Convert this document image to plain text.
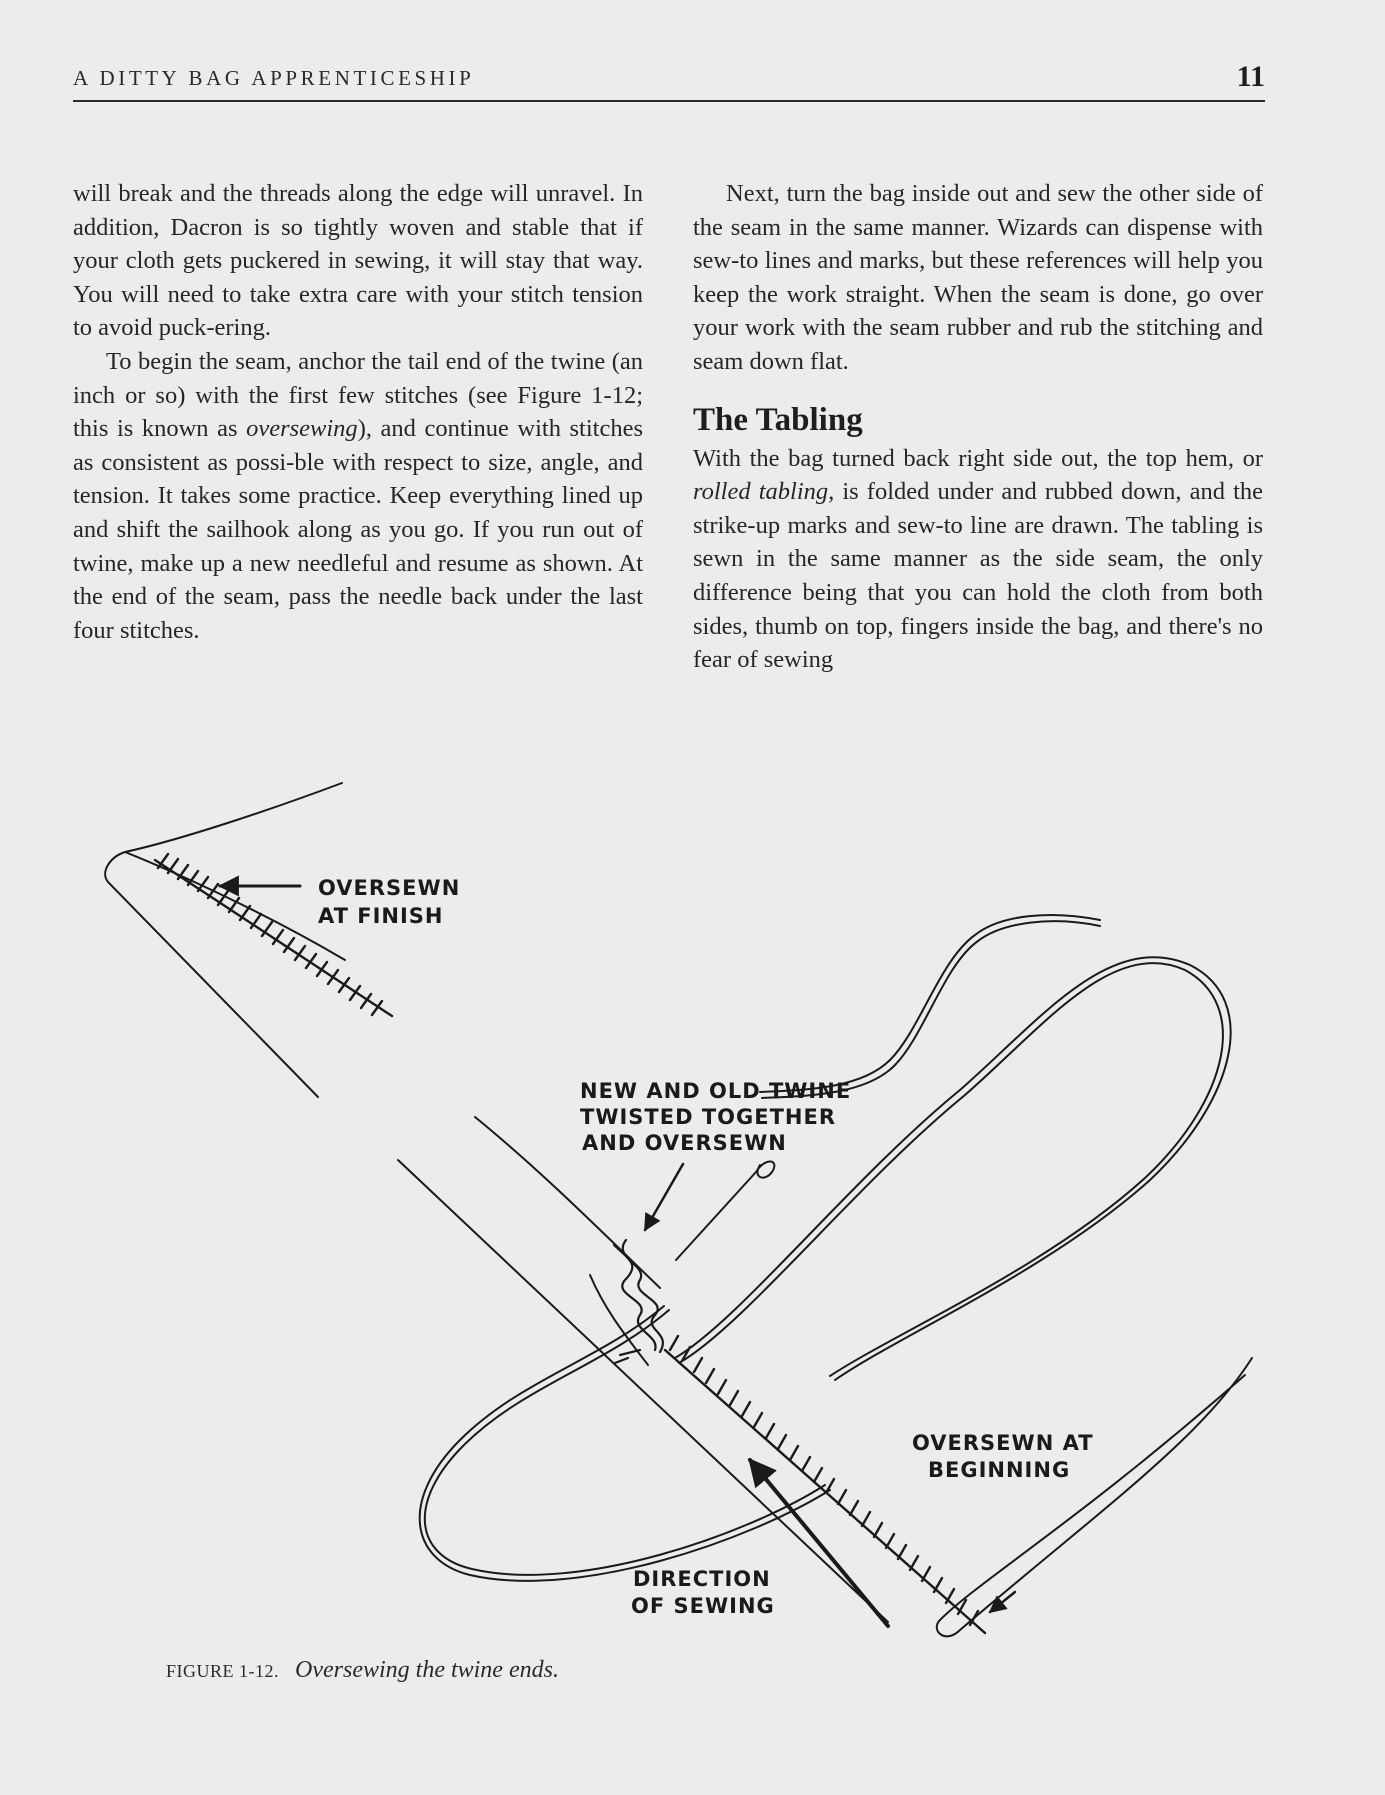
A DITTY BAG APPRENTICESHIP	11

will break and the threads along the edge will unravel. In addition, Dacron is so tightly woven and stable that if your cloth gets puckered in sewing, it will stay that way. You will need to take extra care with your stitch tension to avoid puck-ering.

To begin the seam, anchor the tail end of the twine (an inch or so) with the first few stitches (see Figure 1-12; this is known as oversewing), and continue with stitches as consistent as possi-ble with respect to size, angle, and tension. It takes some practice. Keep everything lined up and shift the sailhook along as you go. If you run out of twine, make up a new needleful and resume as shown. At the end of the seam, pass the needle back under the last four stitches.

Next, turn the bag inside out and sew the other side of the seam in the same manner. Wizards can dispense with sew-to lines and marks, but these references will help you keep the work straight. When the seam is done, go over your work with the seam rubber and rub the stitching and seam down flat.

The Tabling

With the bag turned back right side out, the top hem, or rolled tabling, is folded under and rubbed down, and the strike-up marks and sew-to line are drawn. The tabling is sewn in the same manner as the side seam, the only difference being that you can hold the cloth from both sides, thumb on top, fingers inside the bag, and there's no fear of sewing

OVERSEWN
AT FINISH
NEW AND OLD TWINE
TWISTED TOGETHER
AND OVERSEWN
OVERSEWN AT
BEGINNING
DIRECTION
OF SEWING
FIGURE 1-12. Oversewing the twine ends.
